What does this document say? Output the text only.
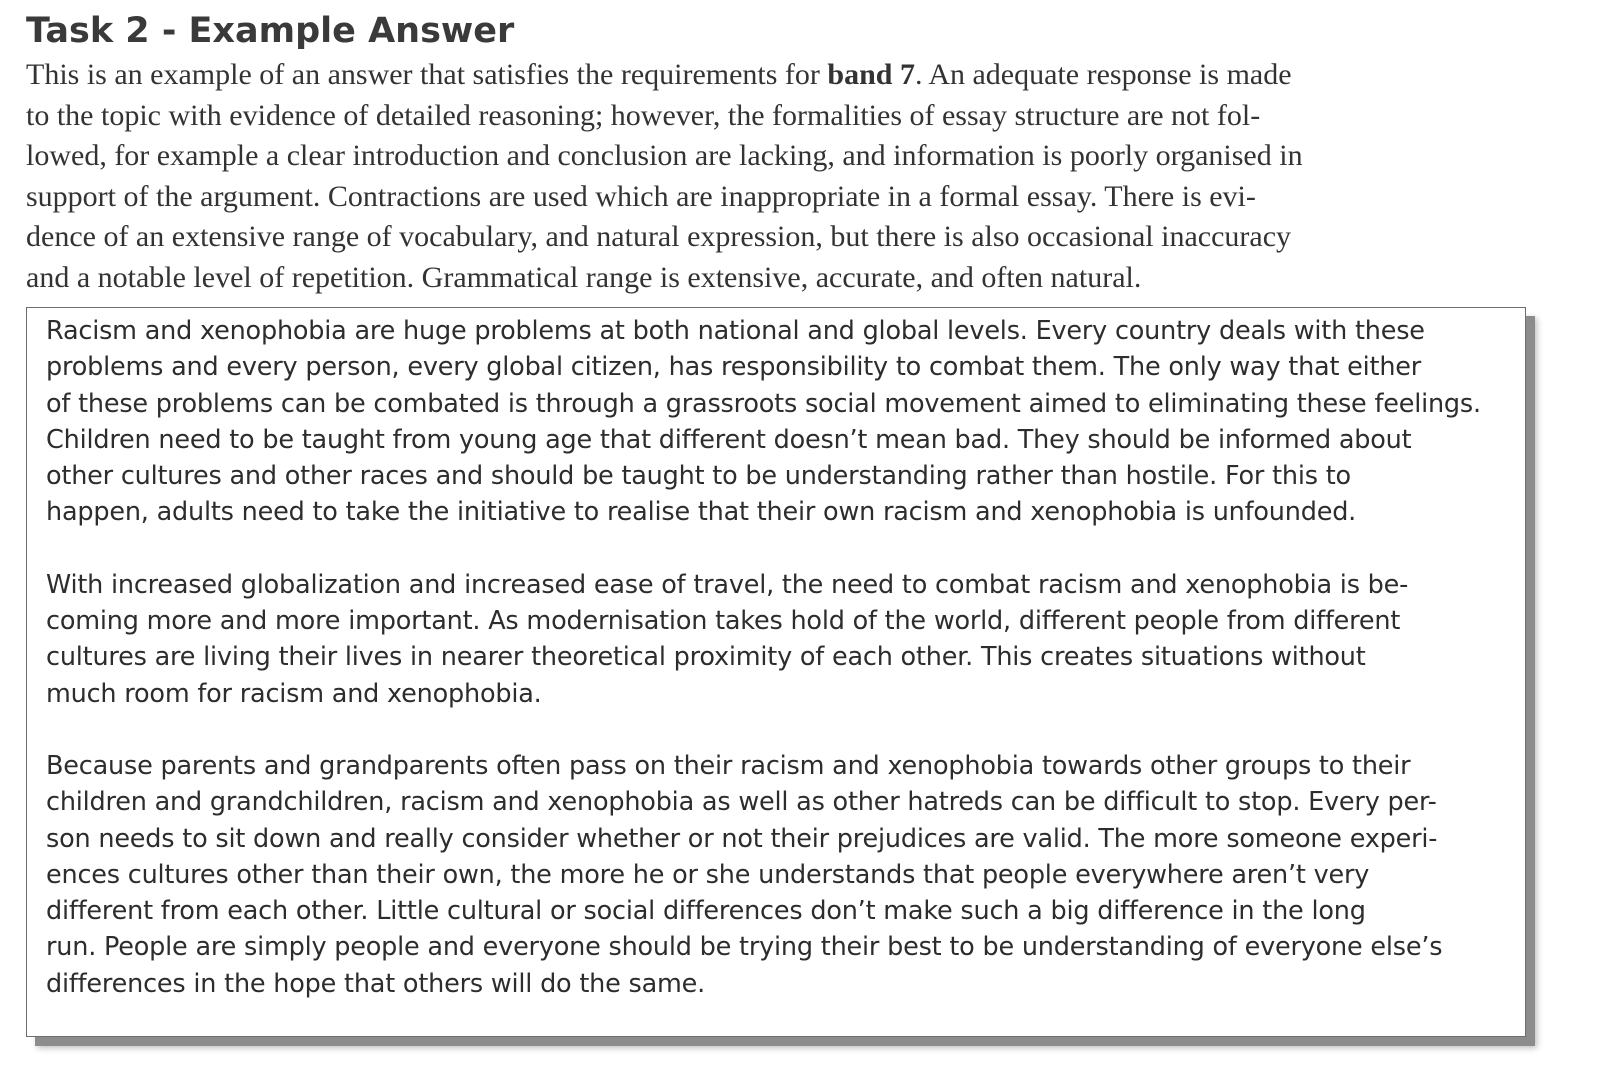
Task 2 - Example Answer
This is an example of an answer that satisfies the requirements for band 7. An adequate response is made
to the topic with evidence of detailed reasoning; however, the formalities of essay structure are not fol-
lowed, for example a clear introduction and conclusion are lacking, and information is poorly organised in
support of the argument. Contractions are used which are inappropriate in a formal essay. There is evi-
dence of an extensive range of vocabulary, and natural expression, but there is also occasional inaccuracy
and a notable level of repetition. Grammatical range is extensive, accurate, and often natural.

Racism and xenophobia are huge problems at both national and global levels. Every country deals with these
problems and every person, every global citizen, has responsibility to combat them. The only way that either
of these problems can be combated is through a grassroots social movement aimed to eliminating these feelings.
Children need to be taught from young age that different doesn’t mean bad. They should be informed about
other cultures and other races and should be taught to be understanding rather than hostile. For this to
happen, adults need to take the initiative to realise that their own racism and xenophobia is unfounded.

With increased globalization and increased ease of travel, the need to combat racism and xenophobia is be-
coming more and more important. As modernisation takes hold of the world, different people from different
cultures are living their lives in nearer theoretical proximity of each other. This creates situations without
much room for racism and xenophobia.

Because parents and grandparents often pass on their racism and xenophobia towards other groups to their
children and grandchildren, racism and xenophobia as well as other hatreds can be difficult to stop. Every per-
son needs to sit down and really consider whether or not their prejudices are valid. The more someone experi-
ences cultures other than their own, the more he or she understands that people everywhere aren’t very
different from each other. Little cultural or social differences don’t make such a big difference in the long
run. People are simply people and everyone should be trying their best to be understanding of everyone else’s
differences in the hope that others will do the same.
